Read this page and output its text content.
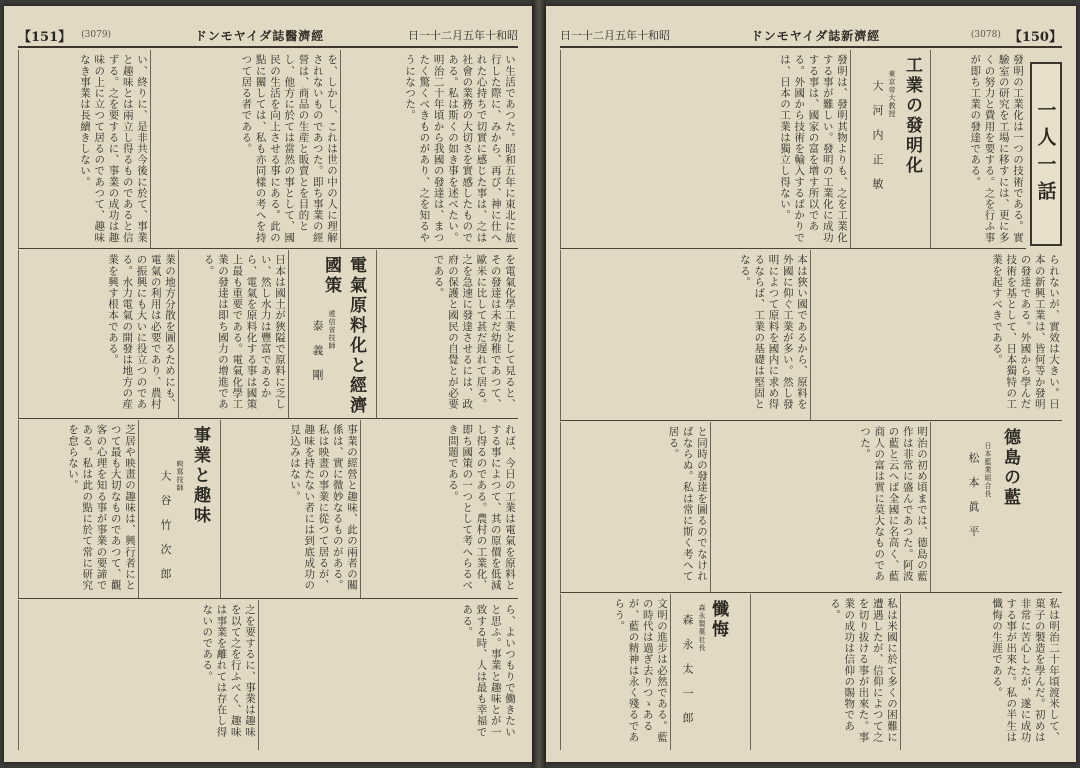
【151】 (3079)	ドンモヤイダ誌醫濟經	日一十二月五年十和昭
い、終りに、是非共今後に於て、事業と趣味とは兩立し得るものであると信ずる。之を要するに、事業の成功は趣味の上に立つて居るのであつて、趣味なき事業は長續きしない。	を、しかし、これは世の中の人に理解されないものであつた。即ち事業の經營は、商品の生産と販賣とを目的とし、他方に於ては當然の事として、國民の生活を向上させる事にある。此の點に關しては、私も亦同樣の考へを持つて居る者である。	い生活であつた。昭和五年に東北に旅行した際に、みから、再び、神に仕へれた心持ちで切實に感じた事は、之は社會の業務の大切さを實感したものである。私は斯くの如き事を述べたい。明治二十年頃から我國の發達は、まつたく驚くべきものがあり、之を知るやうになつた。
業の地方分散を圖るためにも、電氣の利用は必要であり、農村の振興にも大いに役立つのである。水力電氣の開發は地方の産業を興す根本である。	日本は國土が狹隘で原料に乏しい、然し水力は豐富であるから、電氣を原料化する事は國策上最も重要である。電氣化學工業の發達は即ち國力の增進である。	電氣原料化と經濟國策
遞信省技師
泰 義 剛	を電氣化學工業として見ると、その發達は未だ幼稚であつて、歐米に比して甚だ遅れて居る。之を急速に發達させるには、政府の保護と國民の自覺とが必要である。
芝居や映畫の趣味は、興行者にとつて最も大切なものであつて、觀客の心理を知る事が事業の要諦である。私は此の點に於て常に研究を怠らない。	事業と趣味
映寫技師
大 谷 竹 次 郎	事業の經營と趣味、此の兩者の關係は、實に微妙なるものがある。私は映畫の事業に從つて居るが、趣味を持たない者には到底成功の見込みはない。	れば、今日の工業は電氣を原料とする事によつて、其の原價を低減し得るのである。農村の工業化、即ち國策の一つとして考へらるべき問題である。
之を要するに、事業は趣味を以て之を行ふべく、趣味は事業を離れては存在し得ないのである。	ら、よいつもりで働きたいと思ふ。事業と趣味とが一致する時、人は最も幸福である。
日一十二月五年十和昭	ドンモヤイダ誌新濟經	(3078) 【150】
一人一話
發明は、發明其物よりも、之を工業化する事が難しい。發明の工業化に成功する事は、國家の富を增す所以である。外國から技術を輸入するばかりでは、日本の工業は獨立し得ない。	工業の發明化
東京帝大教授
大 河 内 正 敏	發明の工業化は一つの技術である。實驗室の研究を工場に移すには、更に多くの努力と費用を要する。之を行ふ事が即ち工業の發達である。
本は狹い國であるから、原料を外國に仰ぐ工業が多い。然し發明によつて原料を國内に求め得るならば、工業の基礎は堅固となる。	られないが、實效は大きい。日本の新興工業は、皆何等か發明の發達である。外國から學んだ技術を基として、日本獨特の工業を起すべきである。
と同時の發達を圖るのでなければならぬ。私は常に斯く考へて居る。	明治の初め頃までは、德島の藍作は非常に盛んであつた。阿波の藍と云へば全國に名高く、藍商人の富は實に莫大なものであつた。	德島の藍
日本藍業組合長
松 本 眞 平
文明の進步は必然である。藍の時代は過ぎ去りつゝあるが、藍の精神は永く殘るであらう。	懺悔
森永製菓社長
森 永 太 一 郎	私は米國に於て多くの困難に遭遇したが、信仰によつて之を切り拔ける事が出來た。事業の成功は信仰の賜物である。	私は明治二十年頃渡米して、菓子の製造を學んだ。初めは非常に苦心したが、遂に成功する事が出來た。私の半生は懺悔の生涯である。
